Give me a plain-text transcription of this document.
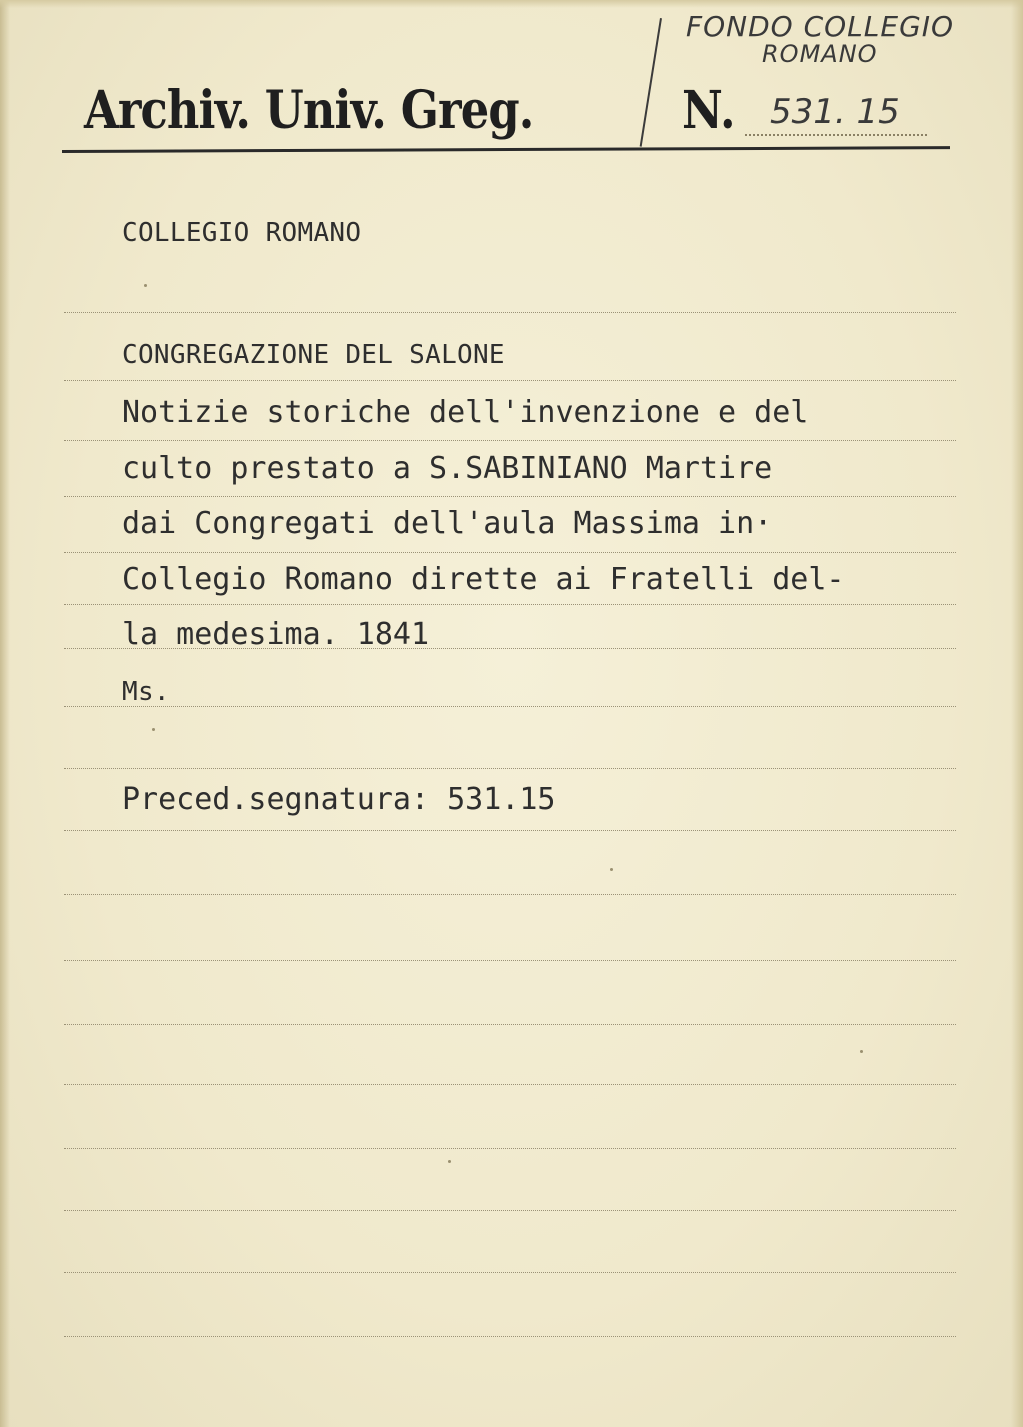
FONDO COLLEGIO
ROMANO
Archiv. Univ. Greg.	N. 531. 15
COLLEGIO ROMANO
CONGREGAZIONE DEL SALONE
Notizie storiche dell'invenzione e del
culto prestato a S.SABINIANO Martire
dai Congregati dell'aula Massima in·
Collegio Romano dirette ai Fratelli del-
la medesima. 1841
Ms.
Preced.segnatura: 531.15
